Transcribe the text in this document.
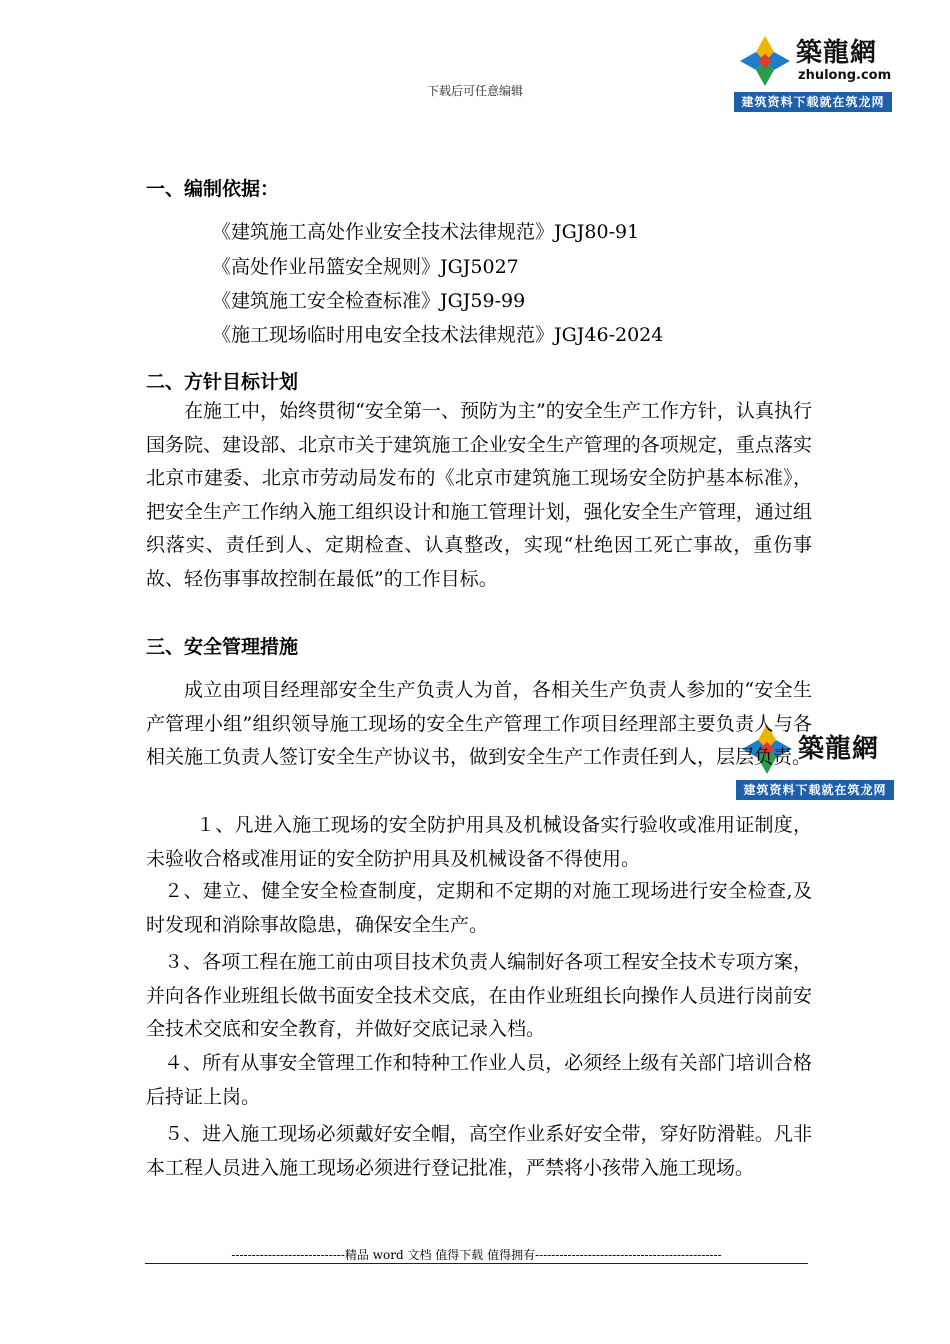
下载后可任意编辑
築龍網
zhulong.com
建筑资料下载就在筑龙网
築龍網
建筑资料下载就在筑龙网
一、编制依据：
《建筑施工高处作业安全技术法律规范》JGJ80-91
《高处作业吊篮安全规则》JGJ5027
《建筑施工安全检查标准》JGJ59-99
《施工现场临时用电安全技术法律规范》JGJ46-2024
二、方针目标计划
在施工中，始终贯彻“安全第一、预防为主”的安全生产工作方针，认真执行国务院、建设部、北京市关于建筑施工企业安全生产管理的各项规定，重点落实北京市建委、北京市劳动局发布的《北京市建筑施工现场安全防护基本标准》，把安全生产工作纳入施工组织设计和施工管理计划，强化安全生产管理，通过组织落实、责任到人、定期检查、认真整改，实现“杜绝因工死亡事故，重伤事故、轻伤事事故控制在最低”的工作目标。
三、安全管理措施
成立由项目经理部安全生产负责人为首，各相关生产负责人参加的“安全生产管理小组”组织领导施工现场的安全生产管理工作项目经理部主要负责人与各相关施工负责人签订安全生产协议书，做到安全生产工作责任到人，层层负责。
１、凡进入施工现场的安全防护用具及机械设备实行验收或准用证制度，未验收合格或准用证的安全防护用具及机械设备不得使用。
２、建立、健全安全检查制度，定期和不定期的对施工现场进行安全检查,及时发现和消除事故隐患，确保安全生产。
３、各项工程在施工前由项目技术负责人编制好各项工程安全技术专项方案，并向各作业班组长做书面安全技术交底，在由作业班组长向操作人员进行岗前安全技术交底和安全教育，并做好交底记录入档。
４、所有从事安全管理工作和特种工作业人员，必须经上级有关部门培训合格后持证上岗。
５、进入施工现场必须戴好安全帽，高空作业系好安全带，穿好防滑鞋。凡非本工程人员进入施工现场必须进行登记批准，严禁将小孩带入施工现场。
----------------------------精品 word 文档 值得下载 值得拥有----------------------------------------------
